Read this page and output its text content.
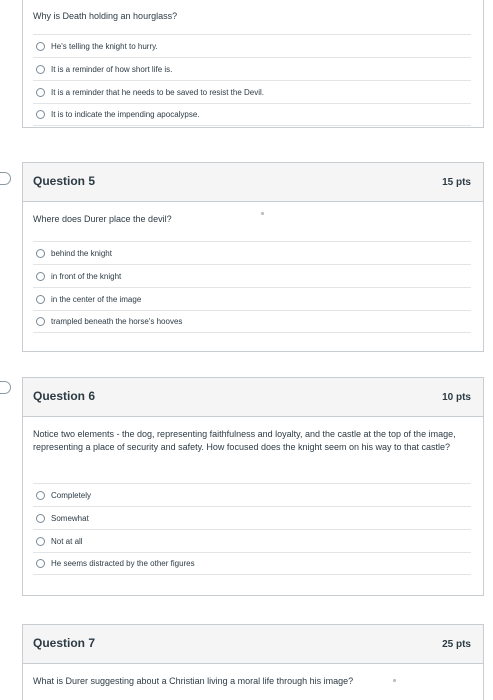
Why is Death holding an hourglass?
He's telling the knight to hurry.
It is a reminder of how short life is.
It is a reminder that he needs to be saved to resist the Devil.
It is to indicate the impending apocalypse.
Question 5	15 pts
Where does Durer place the devil?
behind the knight
in front of the knight
in the center of the image
trampled beneath the horse's hooves
Question 6	10 pts
Notice two elements - the dog, representing faithfulness and loyalty, and the castle at the top of the image, representing a place of security and safety. How focused does the knight seem on his way to that castle?
Completely
Somewhat
Not at all
He seems distracted by the other figures
Question 7	25 pts
What is Durer suggesting about a Christian living a moral life through his image?
